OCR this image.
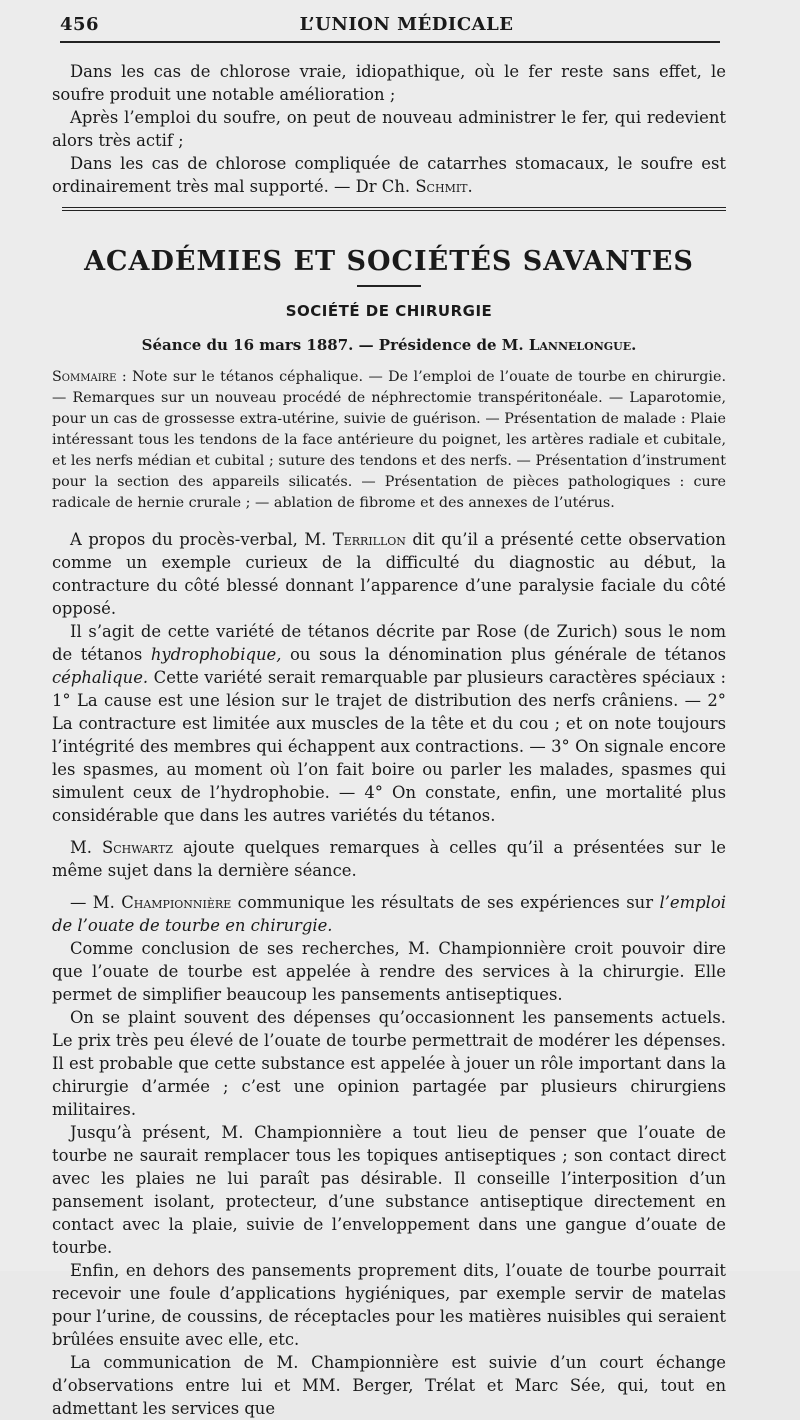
456	L’UNION MÉDICALE

Dans les cas de chlorose vraie, idiopathique, où le fer reste sans effet, le soufre produit une notable amélioration ;

Après l’emploi du soufre, on peut de nouveau administrer le fer, qui redevient alors très actif ;

Dans les cas de chlorose compliquée de catarrhes stomacaux, le soufre est ordinairement très mal supporté. — Dr Ch. Schmit.

ACADÉMIES ET SOCIÉTÉS SAVANTES
SOCIÉTÉ DE CHIRURGIE
Séance du 16 mars 1887. — Présidence de M. Lannelongue.
Sommaire : Note sur le tétanos céphalique. — De l’emploi de l’ouate de tourbe en chirurgie. — Remarques sur un nouveau procédé de néphrectomie transpéritonéale. — Laparotomie, pour un cas de grossesse extra-utérine, suivie de guérison. — Présentation de malade : Plaie intéressant tous les tendons de la face antérieure du poignet, les artères radiale et cubitale, et les nerfs médian et cubital ; suture des tendons et des nerfs. — Présentation d’instrument pour la section des appareils silicatés. — Présentation de pièces pathologiques : cure radicale de hernie crurale ; — ablation de fibrome et des annexes de l’utérus.

A propos du procès-verbal, M. Terrillon dit qu’il a présenté cette observation comme un exemple curieux de la difficulté du diagnostic au début, la contracture du côté blessé donnant l’apparence d’une paralysie faciale du côté opposé.

Il s’agit de cette variété de tétanos décrite par Rose (de Zurich) sous le nom de tétanos hydrophobique, ou sous la dénomination plus générale de tétanos céphalique. Cette variété serait remarquable par plusieurs caractères spéciaux : 1° La cause est une lésion sur le trajet de distribution des nerfs crâniens. — 2° La contracture est limitée aux muscles de la tête et du cou ; et on note toujours l’intégrité des membres qui échappent aux contractions. — 3° On signale encore les spasmes, au moment où l’on fait boire ou parler les malades, spasmes qui simulent ceux de l’hydrophobie. — 4° On constate, enfin, une mortalité plus considérable que dans les autres variétés du tétanos.

M. Schwartz ajoute quelques remarques à celles qu’il a présentées sur le même sujet dans la dernière séance.

— M. Championnière communique les résultats de ses expériences sur l’emploi de l’ouate de tourbe en chirurgie.

Comme conclusion de ses recherches, M. Championnière croit pouvoir dire que l’ouate de tourbe est appelée à rendre des services à la chirurgie. Elle permet de simplifier beaucoup les pansements antiseptiques.

On se plaint souvent des dépenses qu’occasionnent les pansements actuels. Le prix très peu élevé de l’ouate de tourbe permettrait de modérer les dépenses. Il est probable que cette substance est appelée à jouer un rôle important dans la chirurgie d’armée ; c’est une opinion partagée par plusieurs chirurgiens militaires.

Jusqu’à présent, M. Championnière a tout lieu de penser que l’ouate de tourbe ne saurait remplacer tous les topiques antiseptiques ; son contact direct avec les plaies ne lui paraît pas désirable. Il conseille l’interposition d’un pansement isolant, protecteur, d’une substance antiseptique directement en contact avec la plaie, suivie de l’enveloppement dans une gangue d’ouate de tourbe.

Enfin, en dehors des pansements proprement dits, l’ouate de tourbe pourrait recevoir une foule d’applications hygiéniques, par exemple servir de matelas pour l’urine, de coussins, de réceptacles pour les matières nuisibles qui seraient brûlées ensuite avec elle, etc.

La communication de M. Championnière est suivie d’un court échange d’observations entre lui et MM. Berger, Trélat et Marc Sée, qui, tout en admettant les services que
